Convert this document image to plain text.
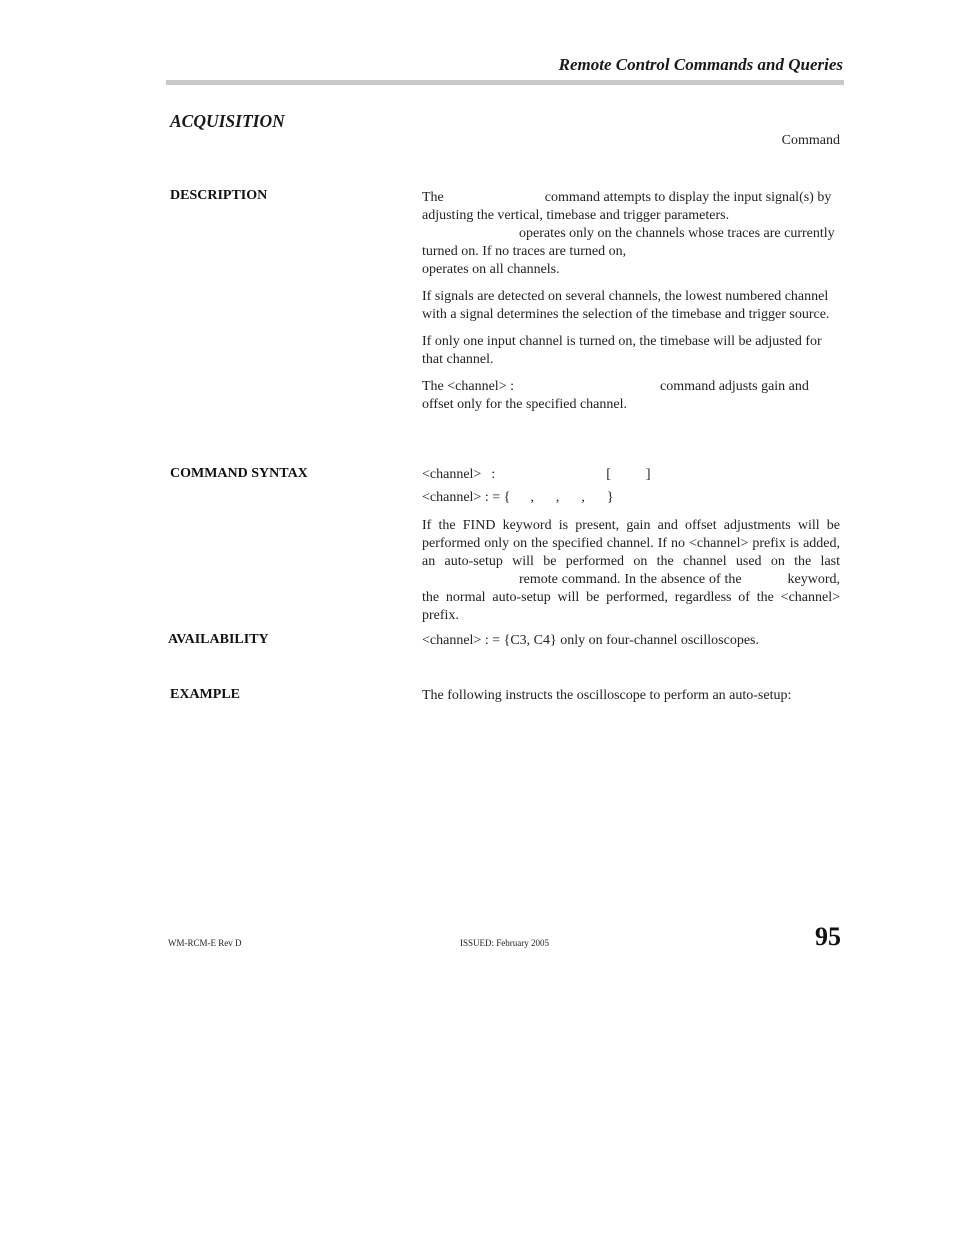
Remote Control Commands and Queries
ACQUISITION
Command
DESCRIPTION	The	command attempts to display the input signal(s) by adjusting the vertical, timebase and trigger parameters.
operates only on the channels whose traces are currently turned on. If no traces are turned on,
operates on all channels.

If signals are detected on several channels, the lowest numbered channel with a signal determines the selection of the timebase and trigger source.

If only one input channel is turned on, the timebase will be adjusted for that channel.

The <channel> :	command adjusts gain and offset only for the specified channel.

COMMAND SYNTAX	<channel> :	[	]
<channel> : = { , , , }

If the FIND keyword is present, gain and offset adjustments will be performed only on the specified channel. If no <channel> prefix is added, an auto-setup will be performed on the channel used on the lastremote command. In the absence of the	keyword, the normal auto-setup will be performed, regardless of the <channel> prefix.

AVAILABILITY	<channel> : = {C3, C4} only on four-channel oscilloscopes.
EXAMPLE	The following instructs the oscilloscope to perform an auto-setup:
WM-RCM-E Rev D	ISSUED: February 2005	95
